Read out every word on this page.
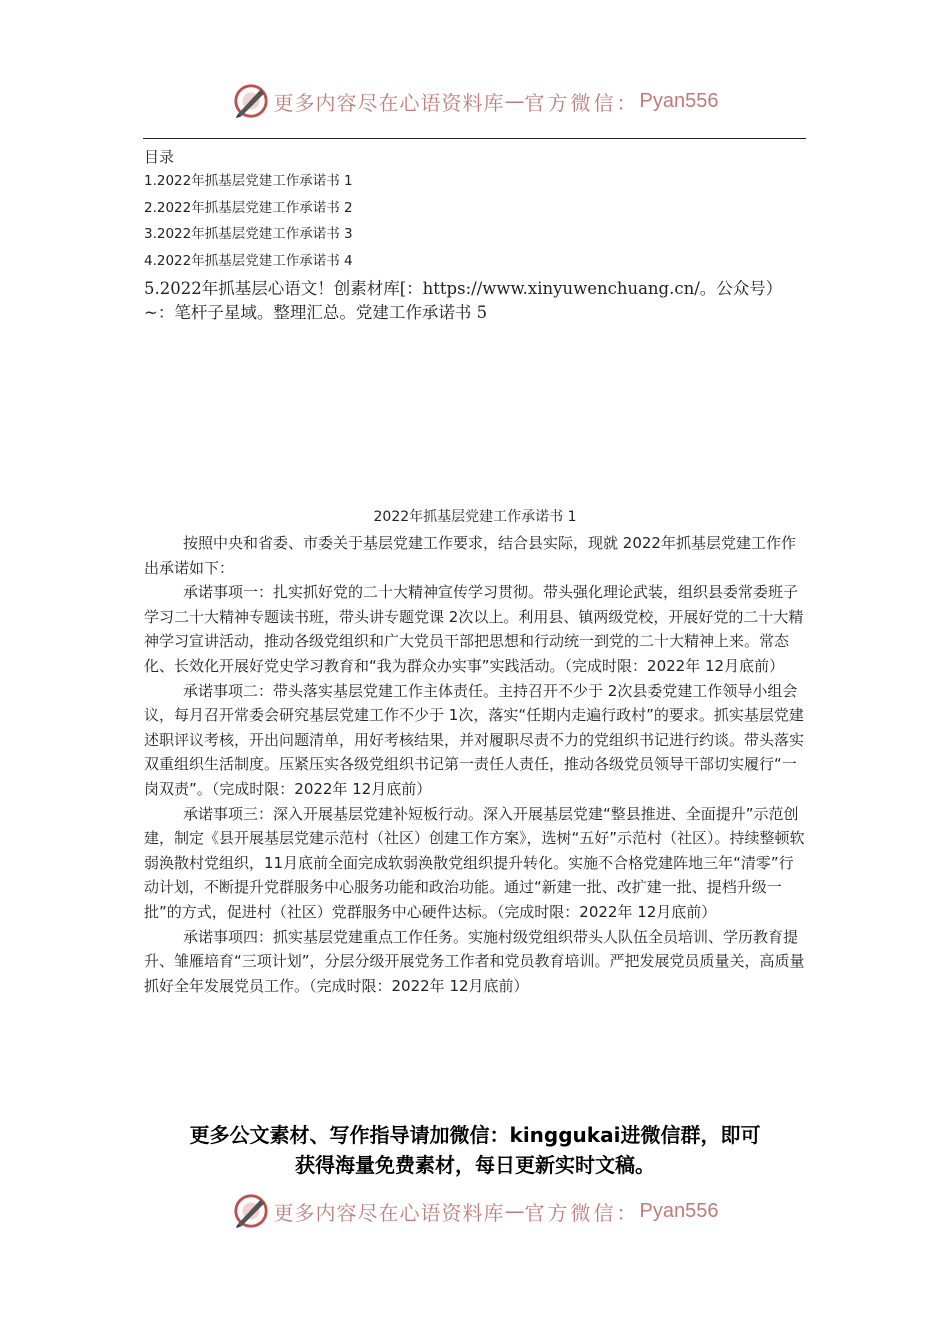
更多内容尽在心语资料库 — 官方微信： Pyan556

目录

1.2022年抓基层党建工作承诺书 1

2.2022年抓基层党建工作承诺书 2

3.2022年抓基层党建工作承诺书 3

4.2022年抓基层党建工作承诺书 4

5.2022年抓基层心语文！创素材库[：https://www.xinyuwenchuang.cn/。公众号）~：笔杆子星域。整理汇总。党建工作承诺书 5

2022年抓基层党建工作承诺书 1

按照中央和省委、市委关于基层党建工作要求，结合县实际，现就 2022年抓基层党建工作作出承诺如下：

承诺事项一：扎实抓好党的二十大精神宣传学习贯彻。带头强化理论武装，组织县委常委班子学习二十大精神专题读书班，带头讲专题党课 2次以上。利用县、镇两级党校，开展好党的二十大精神学习宣讲活动，推动各级党组织和广大党员干部把思想和行动统一到党的二十大精神上来。常态化、长效化开展好党史学习教育和“我为群众办实事”实践活动。（完成时限：2022年 12月底前）

承诺事项二：带头落实基层党建工作主体责任。主持召开不少于 2次县委党建工作领导小组会议，每月召开常委会研究基层党建工作不少于 1次，落实“任期内走遍行政村”的要求。抓实基层党建述职评议考核，开出问题清单，用好考核结果，并对履职尽责不力的党组织书记进行约谈。带头落实双重组织生活制度。压紧压实各级党组织书记第一责任人责任，推动各级党员领导干部切实履行“一岗双责”。（完成时限：2022年 12月底前）

承诺事项三：深入开展基层党建补短板行动。深入开展基层党建“整县推进、全面提升”示范创建，制定《县开展基层党建示范村（社区）创建工作方案》，选树“五好”示范村（社区）。持续整顿软弱涣散村党组织，11月底前全面完成软弱涣散党组织提升转化。实施不合格党建阵地三年“清零”行动计划，不断提升党群服务中心服务功能和政治功能。通过“新建一批、改扩建一批、提档升级一批”的方式，促进村（社区）党群服务中心硬件达标。（完成时限：2022年 12月底前）

承诺事项四：抓实基层党建重点工作任务。实施村级党组织带头人队伍全员培训、学历教育提升、雏雁培育“三项计划”，分层分级开展党务工作者和党员教育培训。严把发展党员质量关，高质量抓好全年发展党员工作。（完成时限：2022年 12月底前）

更多公文素材、写作指导请加微信：kinggukai进微信群，即可
获得海量免费素材，每日更新实时文稿。
更多内容尽在心语资料库 — 官方微信： Pyan556
